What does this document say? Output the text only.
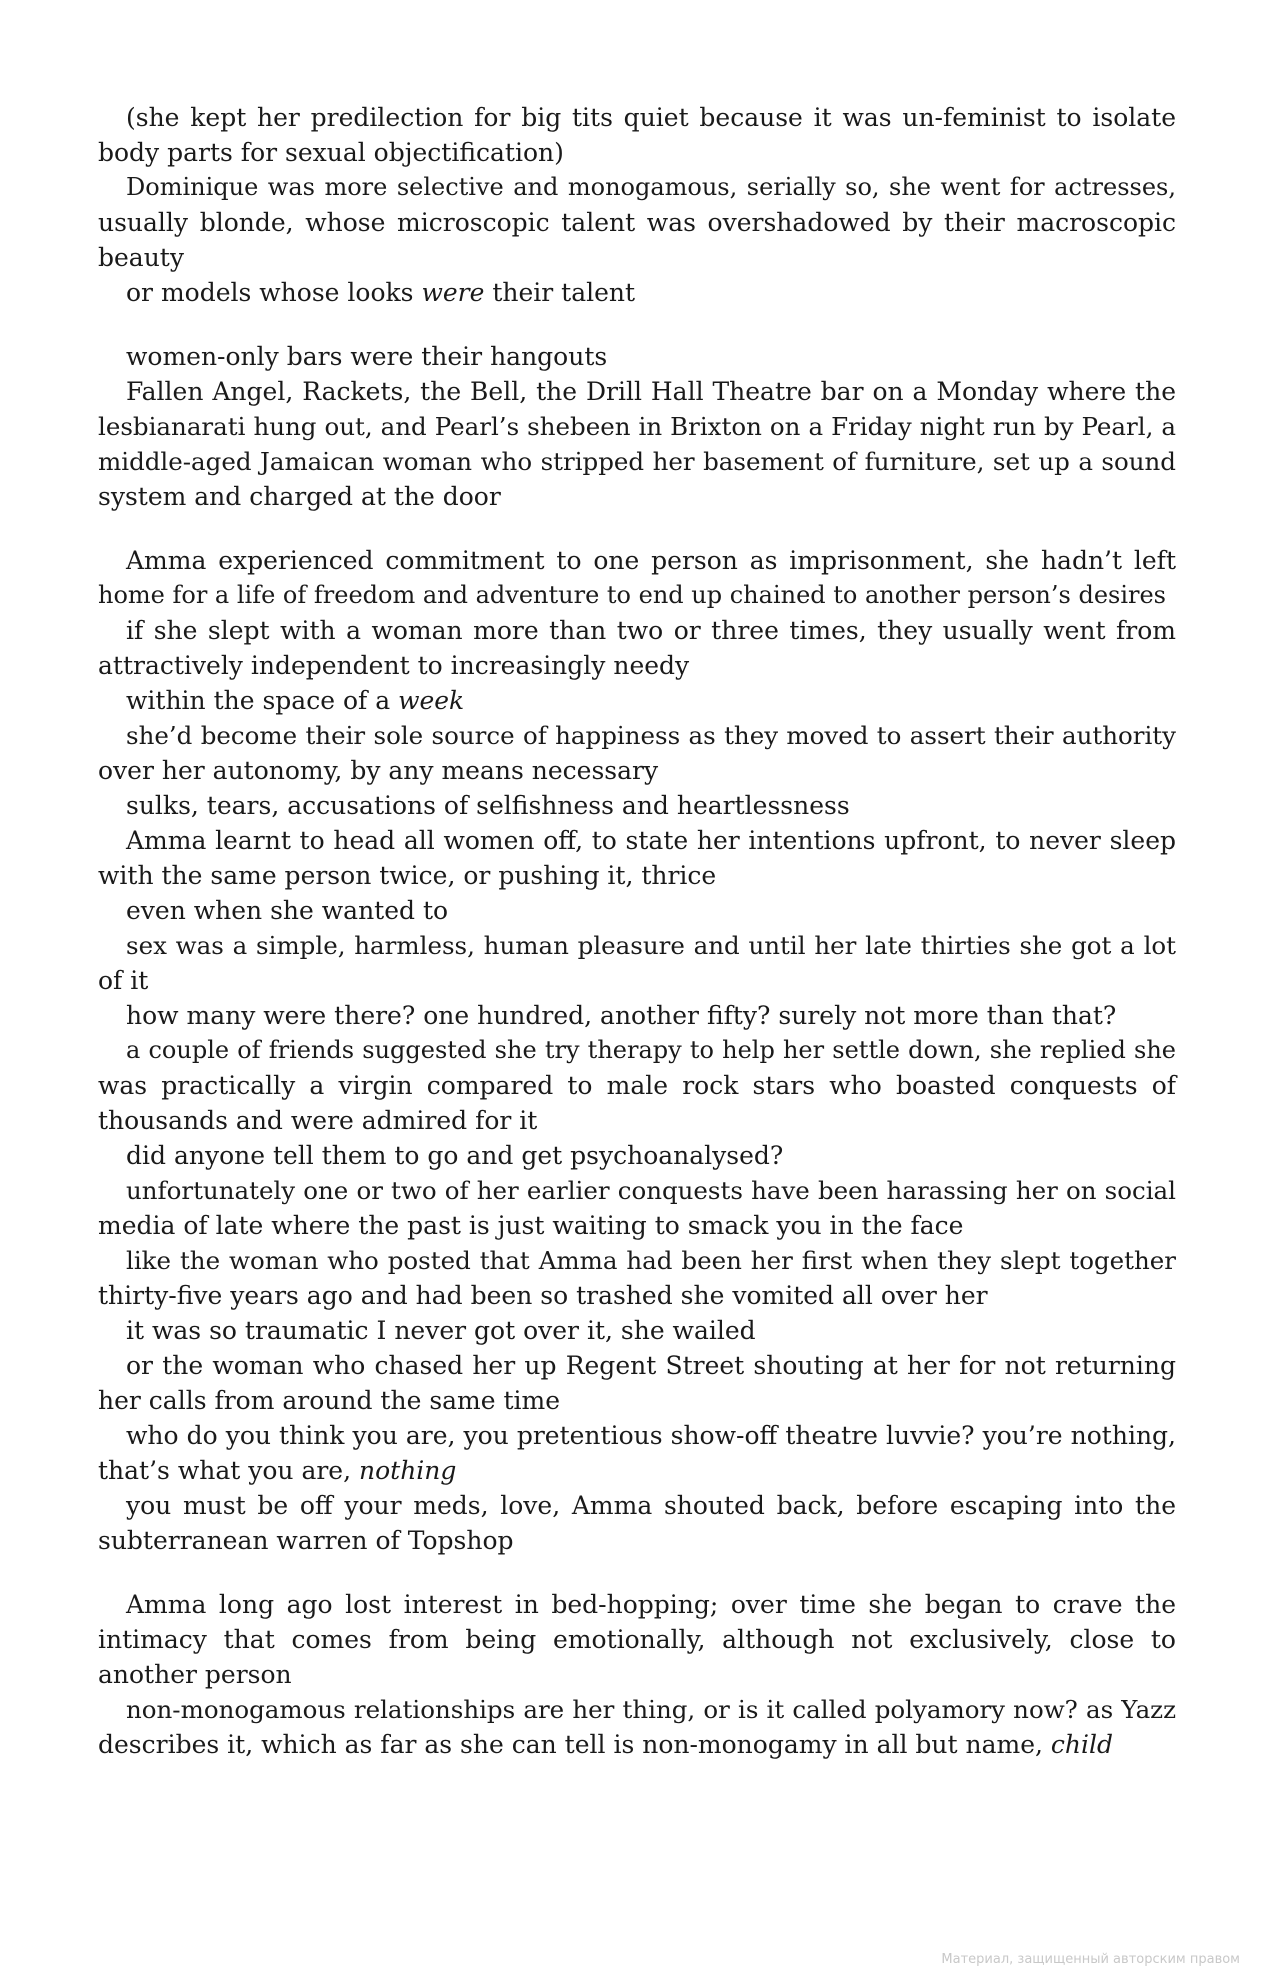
(she kept her predilection for big tits quiet because it was un-feminist to isolate
body parts for sexual objectification)
Dominique was more selective and monogamous, serially so, she went for actresses,
usually blonde, whose microscopic talent was overshadowed by their macroscopic
beauty
or models whose looks were their talent
women-only bars were their hangouts
Fallen Angel, Rackets, the Bell, the Drill Hall Theatre bar on a Monday where the
lesbianarati hung out, and Pearl’s shebeen in Brixton on a Friday night run by Pearl, a
middle-aged Jamaican woman who stripped her basement of furniture, set up a sound
system and charged at the door
Amma experienced commitment to one person as imprisonment, she hadn’t left
home for a life of freedom and adventure to end up chained to another person’s desires
if she slept with a woman more than two or three times, they usually went from
attractively independent to increasingly needy
within the space of a week
she’d become their sole source of happiness as they moved to assert their authority
over her autonomy, by any means necessary
sulks, tears, accusations of selfishness and heartlessness
Amma learnt to head all women off, to state her intentions upfront, to never sleep
with the same person twice, or pushing it, thrice
even when she wanted to
sex was a simple, harmless, human pleasure and until her late thirties she got a lot
of it
how many were there? one hundred, another fifty? surely not more than that?
a couple of friends suggested she try therapy to help her settle down, she replied she
was practically a virgin compared to male rock stars who boasted conquests of
thousands and were admired for it
did anyone tell them to go and get psychoanalysed?
unfortunately one or two of her earlier conquests have been harassing her on social
media of late where the past is just waiting to smack you in the face
like the woman who posted that Amma had been her first when they slept together
thirty-five years ago and had been so trashed she vomited all over her
it was so traumatic I never got over it, she wailed
or the woman who chased her up Regent Street shouting at her for not returning
her calls from around the same time
who do you think you are, you pretentious show-off theatre luvvie? you’re nothing,
that’s what you are, nothing
you must be off your meds, love, Amma shouted back, before escaping into the
subterranean warren of Topshop
Amma long ago lost interest in bed-hopping; over time she began to crave the
intimacy that comes from being emotionally, although not exclusively, close to
another person
non-monogamous relationships are her thing, or is it called polyamory now? as Yazz
describes it, which as far as she can tell is non-monogamy in all but name, child
Материал, защищенный авторским правом
